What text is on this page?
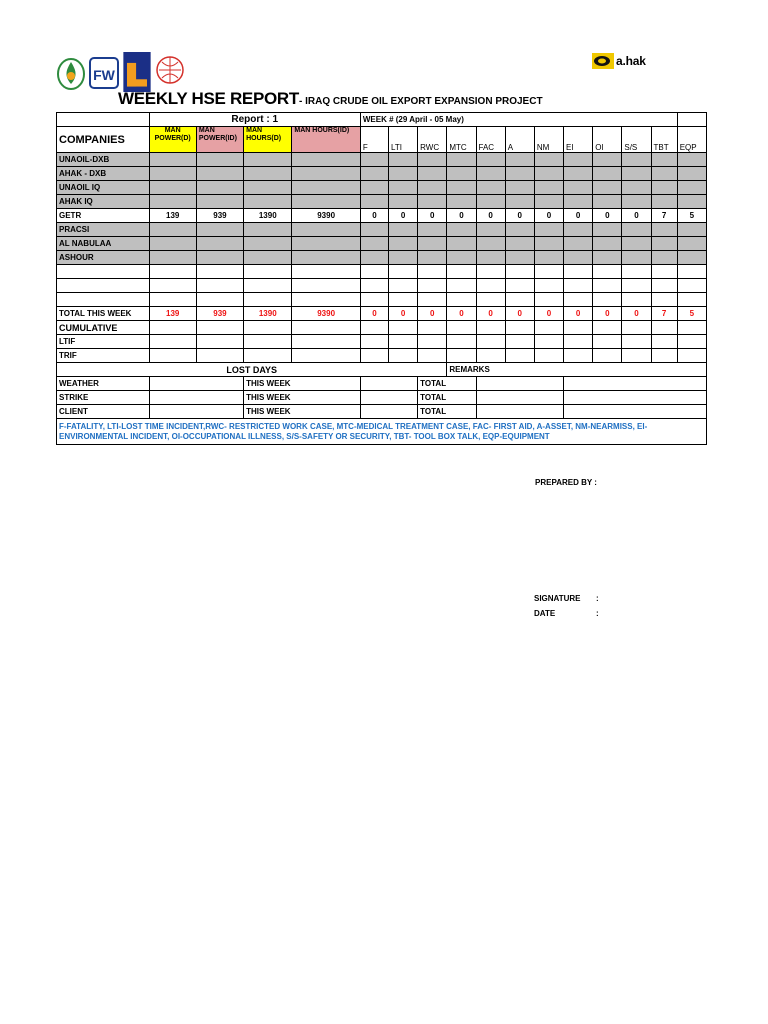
FW
a.hak
WEEKLY HSE REPORT- IRAQ CRUDE OIL EXPORT EXPANSION PROJECT
	Report : 1				WEEK # (29 April - 05 May)											
COMPANIES	MAN POWER(D)	MAN POWER(ID)	MAN HOURS(D)	MAN HOURS(ID)	F	LTI	RWC	MTC	FAC	A	NM	EI	OI	S/S	TBT	EQP
UNAOIL-DXB																
AHAK - DXB																
UNAOIL IQ																
AHAK IQ																
GETR	139	939	1390	9390	0	0	0	0	0	0	0	0	0	0	7	5
PRACSI																
AL NABULAA																
ASHOUR																

TOTAL THIS WEEK	139	939	1390	9390	0	0	0	0	0	0	0	0	0	0	7	5
CUMULATIVE																
LTIF																
TRIF																
LOST DAYS								REMARKS								
WEATHER			THIS WEEK				TOTAL									
STRIKE			THIS WEEK				TOTAL									
CLIENT			THIS WEEK				TOTAL									
F-FATALITY, LTI-LOST TIME INCIDENT,RWC- RESTRICTED WORK CASE, MTC-MEDICAL TREATMENT CASE, FAC- FIRST AID, A-ASSET, NM-NEARMISS, EI-ENVIRONMENTAL INCIDENT, OI-OCCUPATIONAL ILLNESS, S/S-SAFETY OR SECURITY, TBT- TOOL BOX TALK, EQP-EQUIPMENT																
PREPARED BY :
SIGNATURE :
DATE	:
